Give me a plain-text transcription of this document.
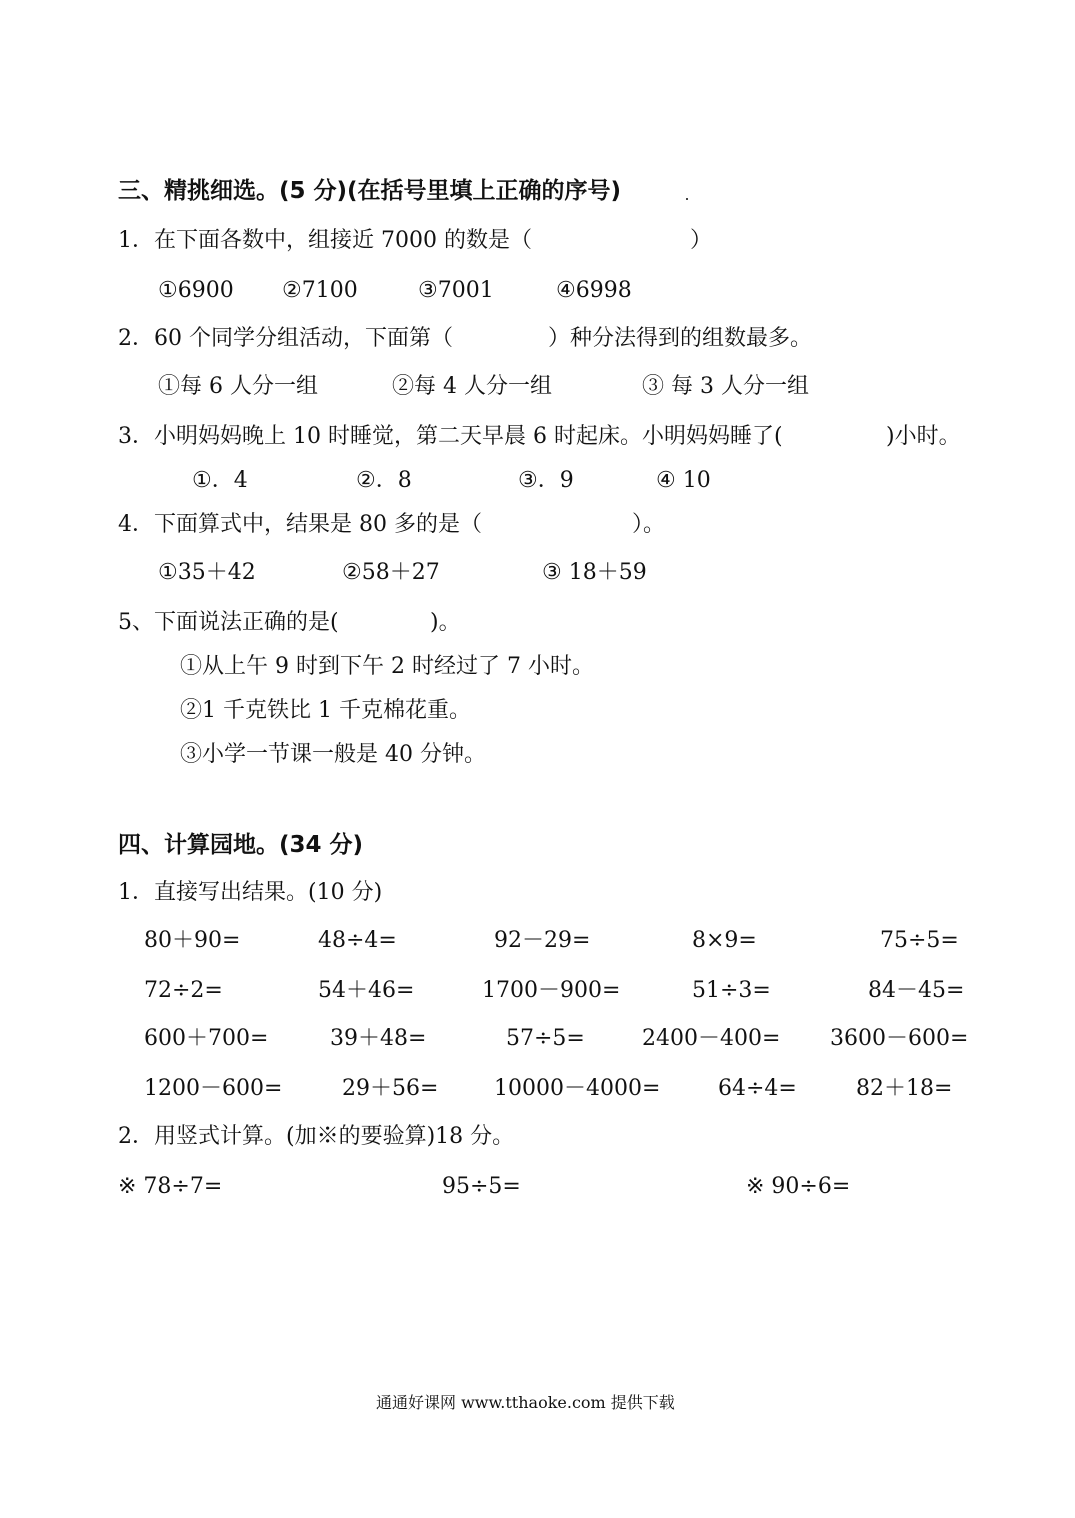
三、精挑细选。(5 分)(在括号里填上正确的序号)
1．在下面各数中，组接近 7000 的数是（	）
①6900 ②7100	③7001	④6998
2．60 个同学分组活动，下面第（	）种分法得到的组数最多。
①每 6 人分一组	②每 4 人分一组	③ 每 3 人分一组
3．小明妈妈晚上 10 时睡觉，第二天早晨 6 时起床。小明妈妈睡了(	)小时。
①．4	②．8	③．9	④ 10
4．下面算式中，结果是 80 多的是（	）。
①35＋42	②58＋27	③ 18＋59
5、下面说法正确的是(	)。
①从上午 9 时到下午 2 时经过了 7 小时。
②1 千克铁比 1 千克棉花重。
③小学一节课一般是 40 分钟。
四、计算园地。(34 分)
1．直接写出结果。(10 分)
80＋90=	48÷4=	92－29=	8×9=	75÷5=
72÷2=	54＋46=	1700－900=	51÷3=	84－45=
600＋700=	39＋48=	57÷5=	2400－400= 3600－600=
1200－600=	29＋56=	10000－4000=	64÷4=	82＋18=
2．用竖式计算。(加※的要验算)18 分。
※ 78÷7=	95÷5=	※ 90÷6=
通通好课网 www.tthaoke.com 提供下载
